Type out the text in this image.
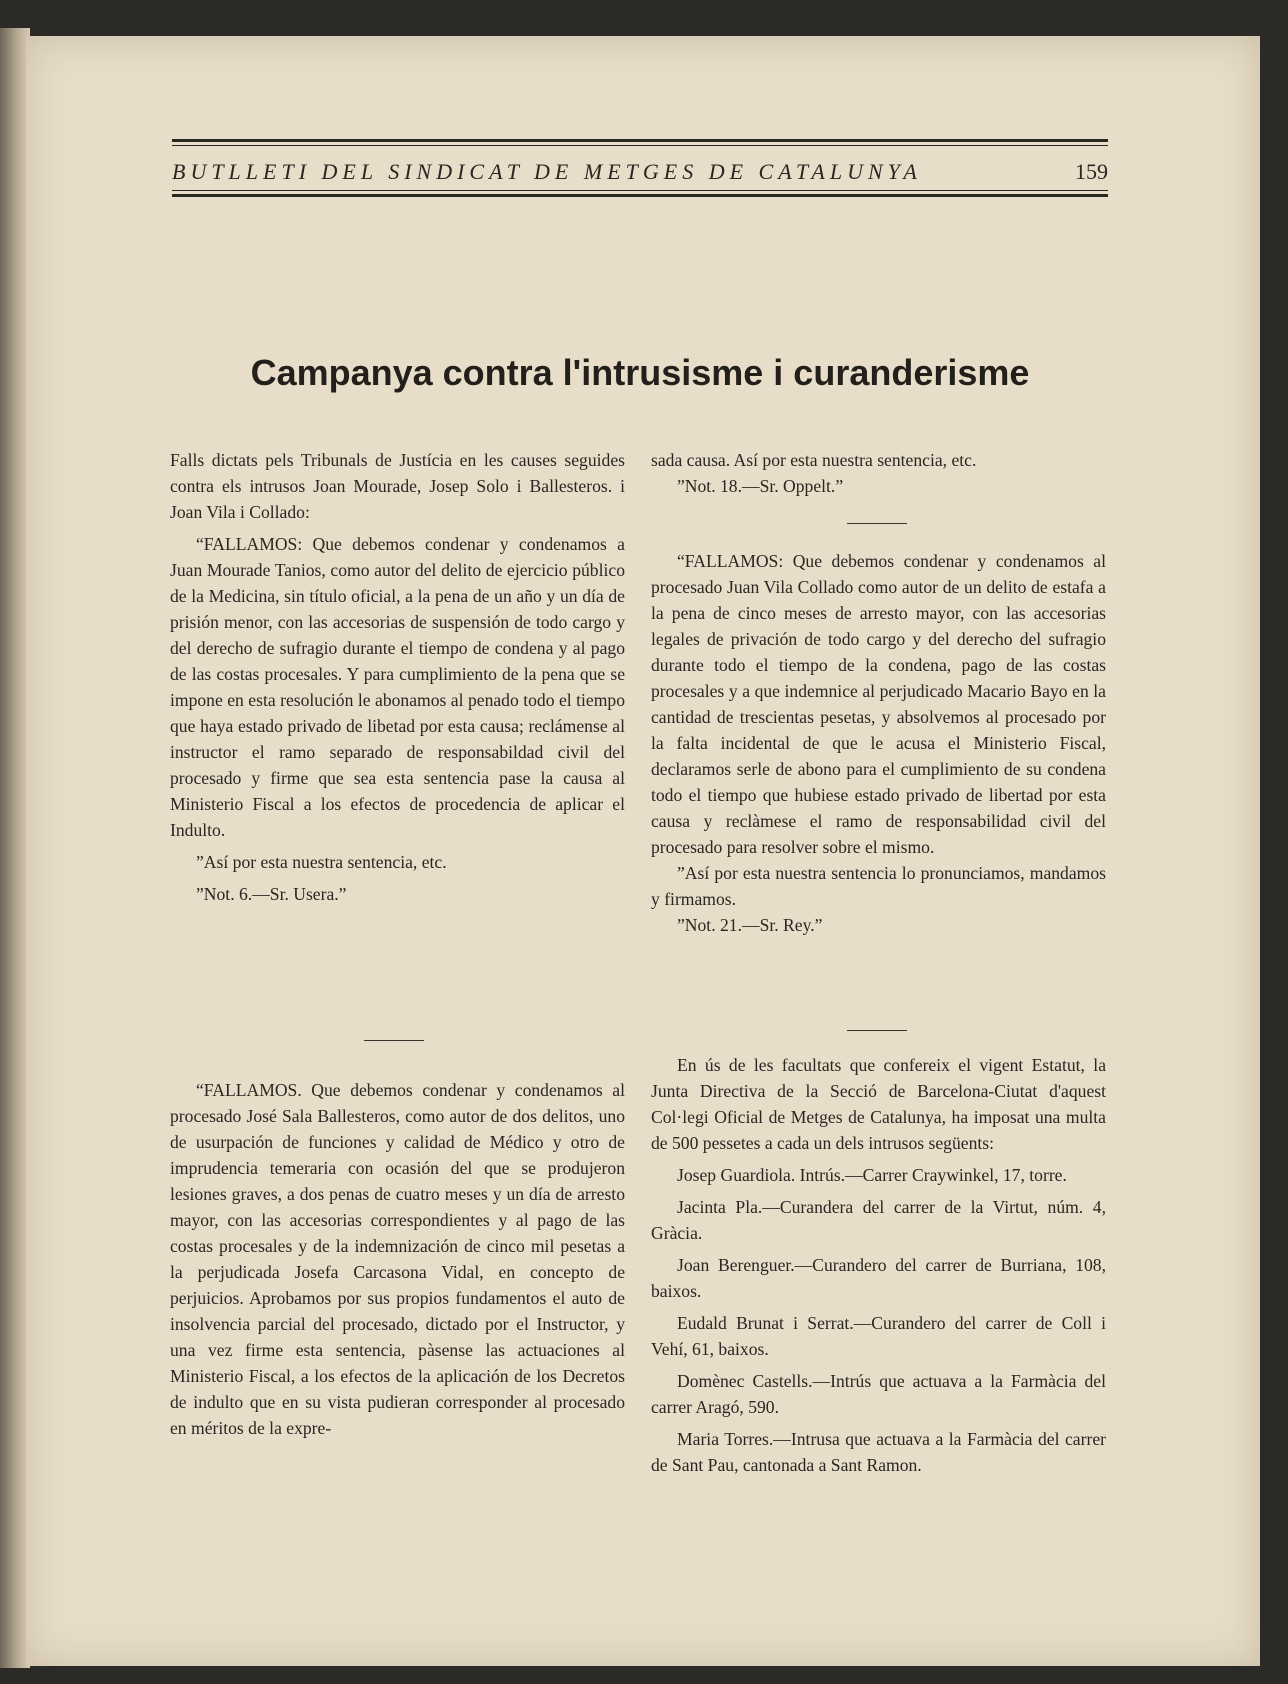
BUTLLETI DEL SINDICAT DE METGES DE CATALUNYA	159
Campanya contra l'intrusisme i curanderisme

Falls dictats pels Tribunals de Justícia en les causes seguides contra els intrusos Joan Mourade, Josep Solo i Ballesteros. i Joan Vila i Collado:

“FALLAMOS: Que debemos condenar y condenamos a Juan Mourade Tanios, como autor del delito de ejercicio público de la Medicina, sin título oficial, a la pena de un año y un día de prisión menor, con las accesorias de suspensión de todo cargo y del derecho de sufragio durante el tiempo de condena y al pago de las costas procesales. Y para cumplimiento de la pena que se impone en esta resolución le abonamos al penado todo el tiempo que haya estado privado de libetad por esta causa; reclámense al instructor el ramo separado de responsabildad civil del procesado y firme que sea esta sentencia pase la causa al Ministerio Fiscal a los efectos de procedencia de aplicar el Indulto.

”Así por esta nuestra sentencia, etc.

”Not. 6.—Sr. Usera.”

“FALLAMOS. Que debemos condenar y condenamos al procesado José Sala Ballesteros, como autor de dos delitos, uno de usurpación de funciones y calidad de Médico y otro de imprudencia temeraria con ocasión del que se produjeron lesiones graves, a dos penas de cuatro meses y un día de arresto mayor, con las accesorias correspondientes y al pago de las costas procesales y de la indemnización de cinco mil pesetas a la perjudicada Josefa Carcasona Vidal, en concepto de perjuicios. Aprobamos por sus propios fundamentos el auto de insolvencia parcial del procesado, dictado por el Instructor, y una vez firme esta sentencia, pàsense las actuaciones al Ministerio Fiscal, a los efectos de la aplicación de los Decretos de indulto que en su vista pudieran corresponder al procesado en méritos de la expre-

sada causa. Así por esta nuestra sentencia, etc.

”Not. 18.—Sr. Oppelt.”

“FALLAMOS: Que debemos condenar y condenamos al procesado Juan Vila Collado como autor de un delito de estafa a la pena de cinco meses de arresto mayor, con las accesorias legales de privación de todo cargo y del derecho del sufragio durante todo el tiempo de la condena, pago de las costas procesales y a que indemnice al perjudicado Macario Bayo en la cantidad de trescientas pesetas, y absolvemos al procesado por la falta incidental de que le acusa el Ministerio Fiscal, declaramos serle de abono para el cumplimiento de su condena todo el tiempo que hubiese estado privado de libertad por esta causa y reclàmese el ramo de responsabilidad civil del procesado para resolver sobre el mismo.

”Así por esta nuestra sentencia lo pronunciamos, mandamos y firmamos.

”Not. 21.—Sr. Rey.”

En ús de les facultats que confereix el vigent Estatut, la Junta Directiva de la Secció de Barcelona-Ciutat d'aquest Col·legi Oficial de Metges de Catalunya, ha imposat una multa de 500 pessetes a cada un dels intrusos següents:

Josep Guardiola. Intrús.—Carrer Craywinkel, 17, torre.

Jacinta Pla.—Curandera del carrer de la Virtut, núm. 4, Gràcia.

Joan Berenguer.—Curandero del carrer de Burriana, 108, baixos.

Eudald Brunat i Serrat.—Curandero del carrer de Coll i Vehí, 61, baixos.

Domènec Castells.—Intrús que actuava a la Farmàcia del carrer Aragó, 590.

Maria Torres.—Intrusa que actuava a la Farmàcia del carrer de Sant Pau, cantonada a Sant Ramon.
